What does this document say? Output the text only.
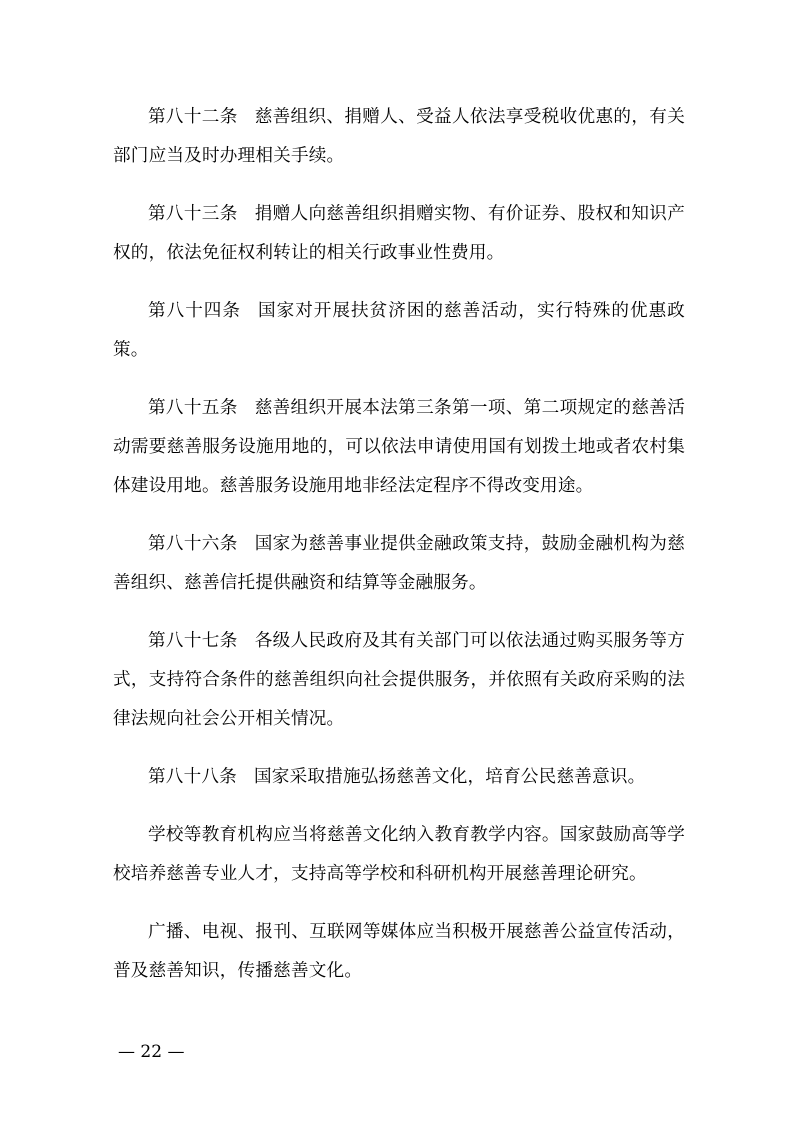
第八十二条 慈善组织、捐赠人、受益人依法享受税收优惠的，有关部门应当及时办理相关手续。

第八十三条 捐赠人向慈善组织捐赠实物、有价证券、股权和知识产权的，依法免征权利转让的相关行政事业性费用。

第八十四条 国家对开展扶贫济困的慈善活动，实行特殊的优惠政策。

第八十五条 慈善组织开展本法第三条第一项、第二项规定的慈善活动需要慈善服务设施用地的，可以依法申请使用国有划拨土地或者农村集体建设用地。慈善服务设施用地非经法定程序不得改变用途。

第八十六条 国家为慈善事业提供金融政策支持，鼓励金融机构为慈善组织、慈善信托提供融资和结算等金融服务。

第八十七条 各级人民政府及其有关部门可以依法通过购买服务等方式，支持符合条件的慈善组织向社会提供服务，并依照有关政府采购的法律法规向社会公开相关情况。

第八十八条 国家采取措施弘扬慈善文化，培育公民慈善意识。

学校等教育机构应当将慈善文化纳入教育教学内容。国家鼓励高等学校培养慈善专业人才，支持高等学校和科研机构开展慈善理论研究。

广播、电视、报刊、互联网等媒体应当积极开展慈善公益宣传活动，普及慈善知识，传播慈善文化。

— 22 —
